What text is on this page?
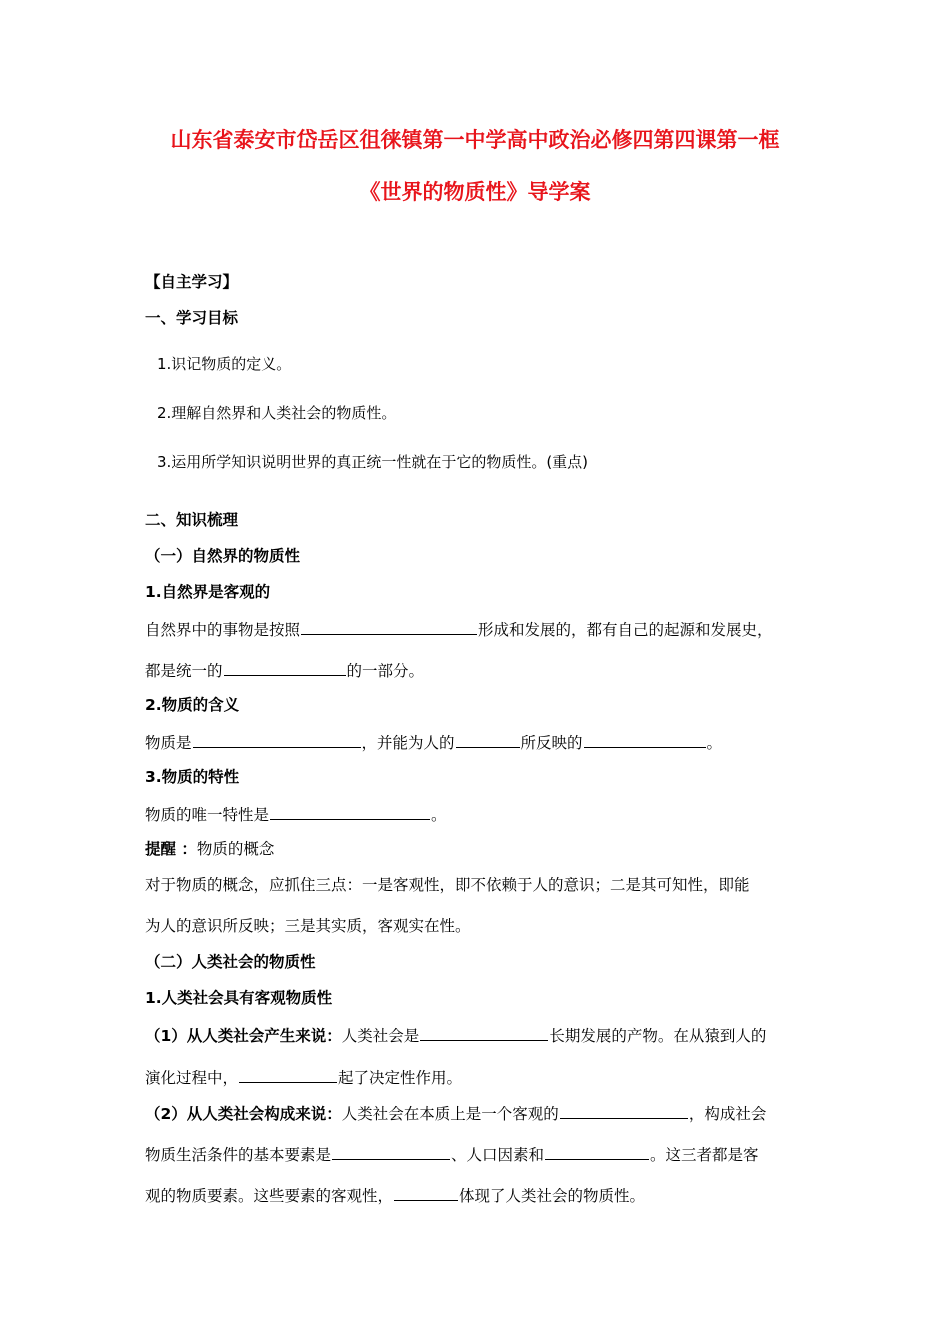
山东省泰安市岱岳区徂徕镇第一中学高中政治必修四第四课第一框
《世界的物质性》导学案
【自主学习】
一、学习目标
1.识记物质的定义。
2.理解自然界和人类社会的物质性。
3.运用所学知识说明世界的真正统一性就在于它的物质性。(重点)
二、知识梳理
（一）自然界的物质性
1.自然界是客观的
自然界中的事物是按照	形成和发展的，都有自己的起源和发展史，
都是统一的	的一部分。
2.物质的含义
物质是	，并能为人的	所反映的	。
3.物质的特性
物质的唯一特性是	。
提醒 ：物质的概念
对于物质的概念，应抓住三点：一是客观性，即不依赖于人的意识；二是其可知性，即能
为人的意识所反映；三是其实质，客观实在性。
（二）人类社会的物质性
1.人类社会具有客观物质性
（1）从人类社会产生来说：人类社会是	长期发展的产物。在从猿到人的
演化过程中，	起了决定性作用。
（2）从人类社会构成来说：人类社会在本质上是一个客观的	，构成社会
物质生活条件的基本要素是	、人口因素和	。这三者都是客
观的物质要素。这些要素的客观性，	体现了人类社会的物质性。
